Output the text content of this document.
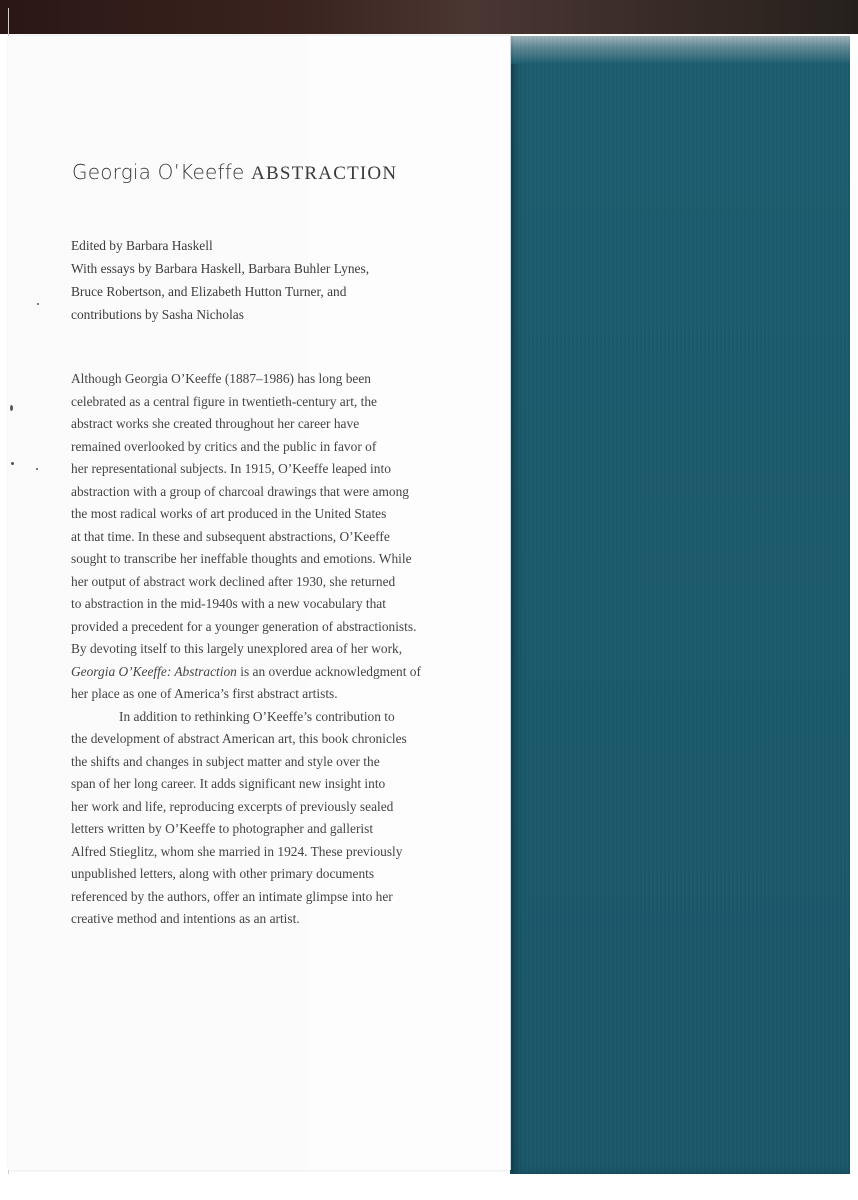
Georgia O’Keeffe ABSTRACTION
Edited by Barbara Haskell
With essays by Barbara Haskell, Barbara Buhler Lynes,
Bruce Robertson, and Elizabeth Hutton Turner, and
contributions by Sasha Nicholas
Although Georgia O’Keeffe (1887–1986) has long been
celebrated as a central figure in twentieth-century art, the
abstract works she created throughout her career have
remained overlooked by critics and the public in favor of
her representational subjects. In 1915, O’Keeffe leaped into
abstraction with a group of charcoal drawings that were among
the most radical works of art produced in the United States
at that time. In these and subsequent abstractions, O’Keeffe
sought to transcribe her ineffable thoughts and emotions. While
her output of abstract work declined after 1930, she returned
to abstraction in the mid-1940s with a new vocabulary that
provided a precedent for a younger generation of abstractionists.
By devoting itself to this largely unexplored area of her work,
Georgia O’Keeffe: Abstraction is an overdue acknowledgment of
her place as one of America’s first abstract artists.
In addition to rethinking O’Keeffe’s contribution to
the development of abstract American art, this book chronicles
the shifts and changes in subject matter and style over the
span of her long career. It adds significant new insight into
her work and life, reproducing excerpts of previously sealed
letters written by O’Keeffe to photographer and gallerist
Alfred Stieglitz, whom she married in 1924. These previously
unpublished letters, along with other primary documents
referenced by the authors, offer an intimate glimpse into her
creative method and intentions as an artist.
